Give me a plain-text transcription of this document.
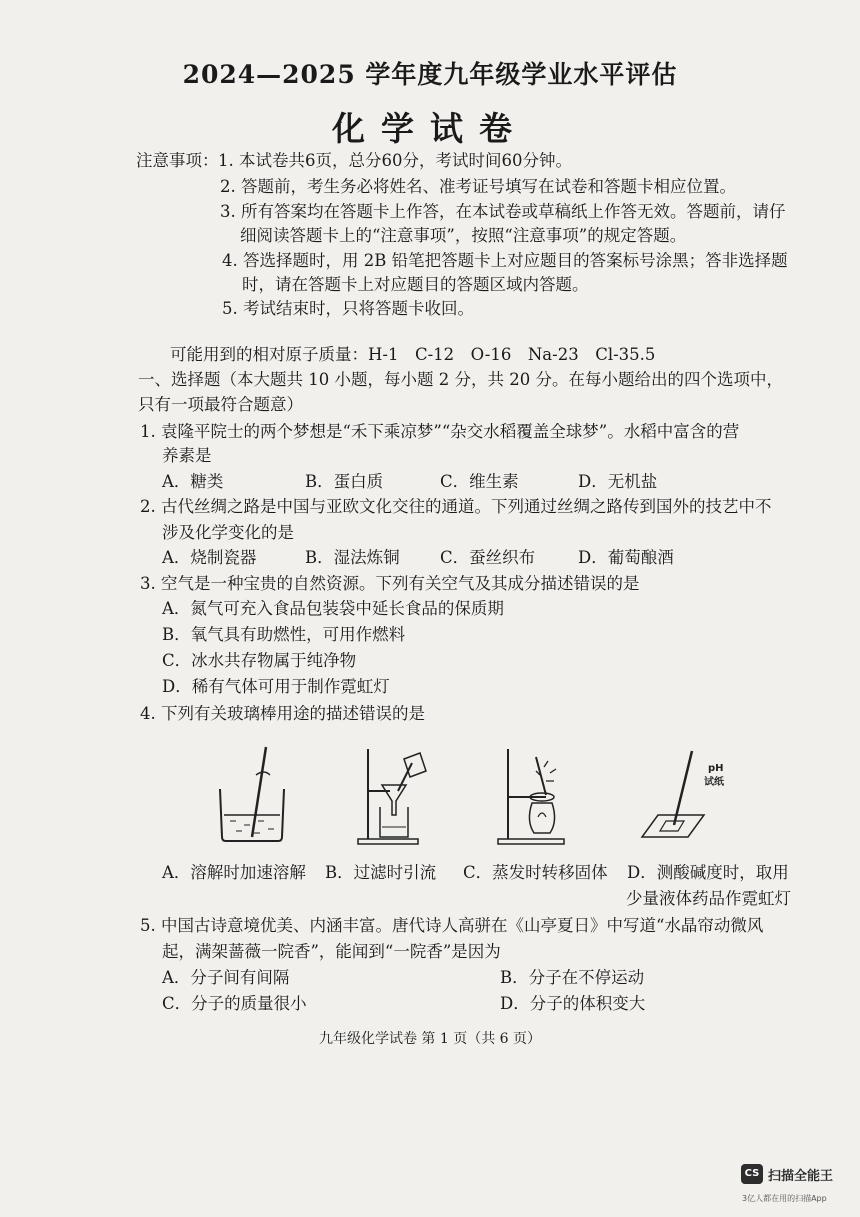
2024—2025 学年度九年级学业水平评估
化学试卷
注意事项： 1. 本试卷共6页，总分60分，考试时间60分钟。
2. 答题前，考生务必将姓名、准考证号填写在试卷和答题卡相应位置。
3. 所有答案均在答题卡上作答，在本试卷或草稿纸上作答无效。答题前，请仔
细阅读答题卡上的“注意事项”，按照“注意事项”的规定答题。
4. 答选择题时，用 2B 铅笔把答题卡上对应题目的答案标号涂黑；答非选择题
时，请在答题卡上对应题目的答题区域内答题。
5. 考试结束时，只将答题卡收回。
可能用到的相对原子质量：H-1　C-12　O-16　Na-23　Cl-35.5
一、选择题（本大题共 10 小题，每小题 2 分，共 20 分。在每小题给出的四个选项中，
只有一项最符合题意）
1. 袁隆平院士的两个梦想是“禾下乘凉梦”“杂交水稻覆盖全球梦”。水稻中富含的营
养素是
A．糖类	B．蛋白质	C．维生素	D．无机盐
2. 古代丝绸之路是中国与亚欧文化交往的通道。下列通过丝绸之路传到国外的技艺中不
涉及化学变化的是
A．烧制瓷器	B．湿法炼铜 C．蚕丝织布	D．葡萄酿酒
3. 空气是一种宝贵的自然资源。下列有关空气及其成分描述错误的是
A．氮气可充入食品包装袋中延长食品的保质期
B．氧气具有助燃性，可用作燃料
C．冰水共存物属于纯净物
D．稀有气体可用于制作霓虹灯
4. 下列有关玻璃棒用途的描述错误的是
pH
试纸
A．溶解时加速溶解 B．过滤时引流 C．蒸发时转移固体 D．测酸碱度时，取用
少量液体药品作霓虹灯
5. 中国古诗意境优美、内涵丰富。唐代诗人高骈在《山亭夏日》中写道“水晶帘动微风
起，满架蔷薇一院香”，能闻到“一院香”是因为
A．分子间有间隔	B．分子在不停运动
C．分子的质量很小	D．分子的体积变大
九年级化学试卷 第 1 页（共 6 页）
CS 扫描全能王
3亿人都在用的扫描App
